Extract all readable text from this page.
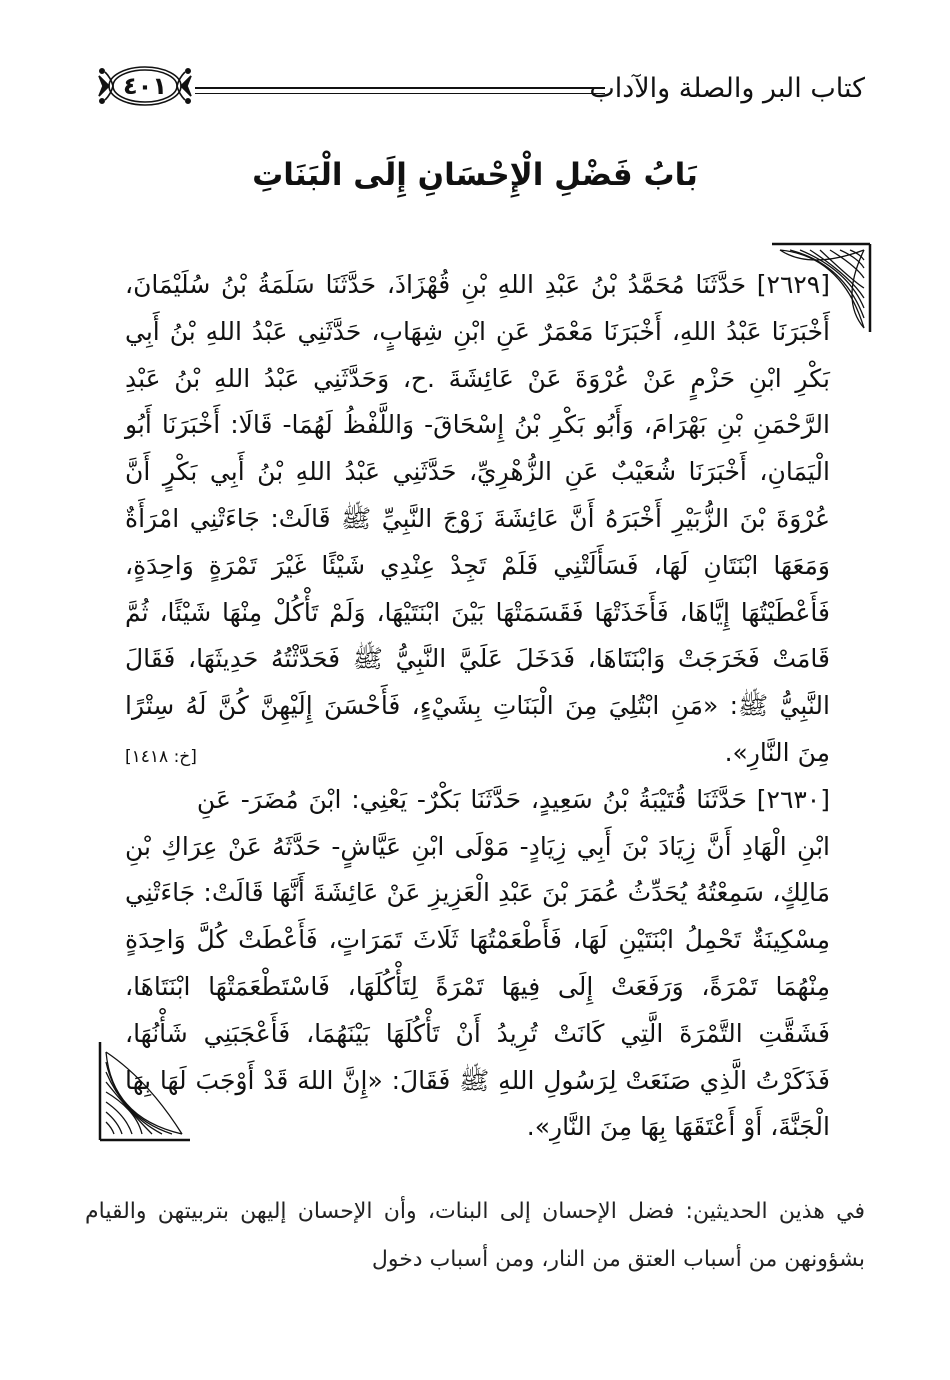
كتاب البر والصلة والآداب
٤٠١
بَابُ فَضْلِ الْإِحْسَانِ إِلَى الْبَنَاتِ

[٢٦٢٩] حَدَّثَنَا مُحَمَّدُ بْنُ عَبْدِ اللهِ بْنِ قُهْزَاذَ، حَدَّثَنَا سَلَمَةُ بْنُ سُلَيْمَانَ، أَخْبَرَنَا عَبْدُ اللهِ، أَخْبَرَنَا مَعْمَرٌ عَنِ ابْنِ شِهَابٍ، حَدَّثَنِي عَبْدُ اللهِ بْنُ أَبِي بَكْرِ ابْنِ حَزْمٍ عَنْ عُرْوَةَ عَنْ عَائِشَةَ .ح، وَحَدَّثَنِي عَبْدُ اللهِ بْنُ عَبْدِ الرَّحْمَنِ بْنِ بَهْرَامَ، وَأَبُو بَكْرِ بْنُ إِسْحَاقَ- وَاللَّفْظُ لَهُمَا- قَالَا: أَخْبَرَنَا أَبُو الْيَمَانِ، أَخْبَرَنَا شُعَيْبٌ عَنِ الزُّهْرِيِّ، حَدَّثَنِي عَبْدُ اللهِ بْنُ أَبِي بَكْرٍ أَنَّ عُرْوَةَ بْنَ الزُّبَيْرِ أَخْبَرَهُ أَنَّ عَائِشَةَ زَوْجَ النَّبِيِّ ﷺ قَالَتْ: جَاءَتْنِي امْرَأَةٌ وَمَعَهَا ابْنَتَانِ لَهَا، فَسَأَلَتْنِي فَلَمْ تَجِدْ عِنْدِي شَيْئًا غَيْرَ تَمْرَةٍ وَاحِدَةٍ، فَأَعْطَيْتُهَا إِيَّاهَا، فَأَخَذَتْهَا فَقَسَمَتْهَا بَيْنَ ابْنَتَيْهَا، وَلَمْ تَأْكُلْ مِنْهَا شَيْئًا، ثُمَّ قَامَتْ فَخَرَجَتْ وَابْنَتَاهَا، فَدَخَلَ عَلَيَّ النَّبِيُّ ﷺ فَحَدَّثْتُهُ حَدِيثَهَا، فَقَالَ النَّبِيُّ ﷺ: «مَنِ ابْتُلِيَ مِنَ الْبَنَاتِ بِشَيْءٍ، فَأَحْسَنَ إِلَيْهِنَّ كُنَّ لَهُ سِتْرًا مِنَ النَّارِ».
[خ: ١٤١٨]

[٢٦٣٠] حَدَّثَنَا قُتَيْبَةُ بْنُ سَعِيدٍ، حَدَّثَنَا بَكْرٌ- يَعْنِي: ابْنَ مُضَرَ- عَنِ ابْنِ الْهَادِ أَنَّ زِيَادَ بْنَ أَبِي زِيَادٍ- مَوْلَى ابْنِ عَيَّاشٍ- حَدَّثَهُ عَنْ عِرَاكِ بْنِ مَالِكٍ، سَمِعْتُهُ يُحَدِّثُ عُمَرَ بْنَ عَبْدِ الْعَزِيزِ عَنْ عَائِشَةَ أَنَّهَا قَالَتْ: جَاءَتْنِي مِسْكِينَةٌ تَحْمِلُ ابْنَتَيْنِ لَهَا، فَأَطْعَمْتُهَا ثَلَاثَ تَمَرَاتٍ، فَأَعْطَتْ كُلَّ وَاحِدَةٍ مِنْهُمَا تَمْرَةً، وَرَفَعَتْ إِلَى فِيهَا تَمْرَةً لِتَأْكُلَهَا، فَاسْتَطْعَمَتْهَا ابْنَتَاهَا، فَشَقَّتِ التَّمْرَةَ الَّتِي كَانَتْ تُرِيدُ أَنْ تَأْكُلَهَا بَيْنَهُمَا، فَأَعْجَبَنِي شَأْنُهَا، فَذَكَرْتُ الَّذِي صَنَعَتْ لِرَسُولِ اللهِ ﷺ فَقَالَ: «إِنَّ اللهَ قَدْ أَوْجَبَ لَهَا بِهَا الْجَنَّةَ، أَوْ أَعْتَقَهَا بِهَا مِنَ النَّارِ».

في هذين الحديثين: فضل الإحسان إلى البنات، وأن الإحسان إليهن بتربيتهن والقيام بشؤونهن من أسباب العتق من النار، ومن أسباب دخول
